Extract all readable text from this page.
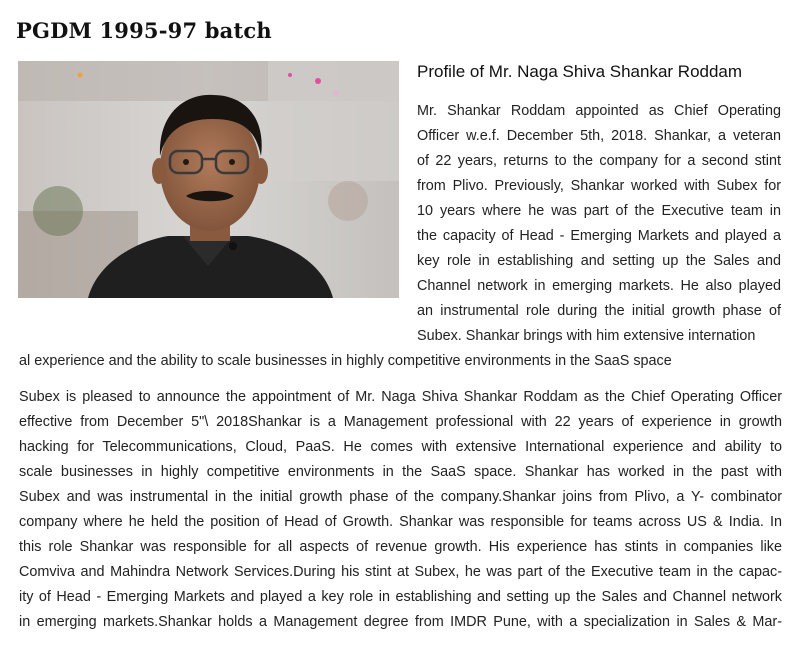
PGDM 1995-97 batch
Profile of Mr. Naga Shiva Shankar Roddam
Mr. Shankar Roddam appointed as Chief Operating
Officer w.e.f. December 5th, 2018. Shankar, a veteran
of 22 years, returns to the company for a second stint
from Plivo. Previously, Shankar worked with Subex for
10 years where he was part of the Executive team in
the capacity of Head - Emerging Markets and played a
key role in establishing and setting up the Sales and
Channel network in emerging markets. He also played
an instrumental role during the initial growth phase of
Subex. Shankar brings with him extensive internation
al experience and the ability to scale businesses in highly competitive environments in the SaaS space
Subex is pleased to announce the appointment of Mr. Naga Shiva Shankar Roddam as the Chief Operating Officer
effective from December 5"\ 2018Shankar is a Management professional with 22 years of experience in growth
hacking for Telecommunications, Cloud, PaaS. He comes with extensive International experience and ability to
scale businesses in highly competitive environments in the SaaS space. Shankar has worked in the past with
Subex and was instrumental in the initial growth phase of the company.Shankar joins from Plivo, a Y- combinator
company where he held the position of Head of Growth. Shankar was responsible for teams across US & India. In
this role Shankar was responsible for all aspects of revenue growth. His experience has stints in companies like
Comviva and Mahindra Network Services.During his stint at Subex, he was part of the Executive team in the capac-
ity of Head - Emerging Markets and played a key role in establishing and setting up the Sales and Channel network
in emerging markets.Shankar holds a Management degree from IMDR Pune, with a specialization in Sales & Mar-
